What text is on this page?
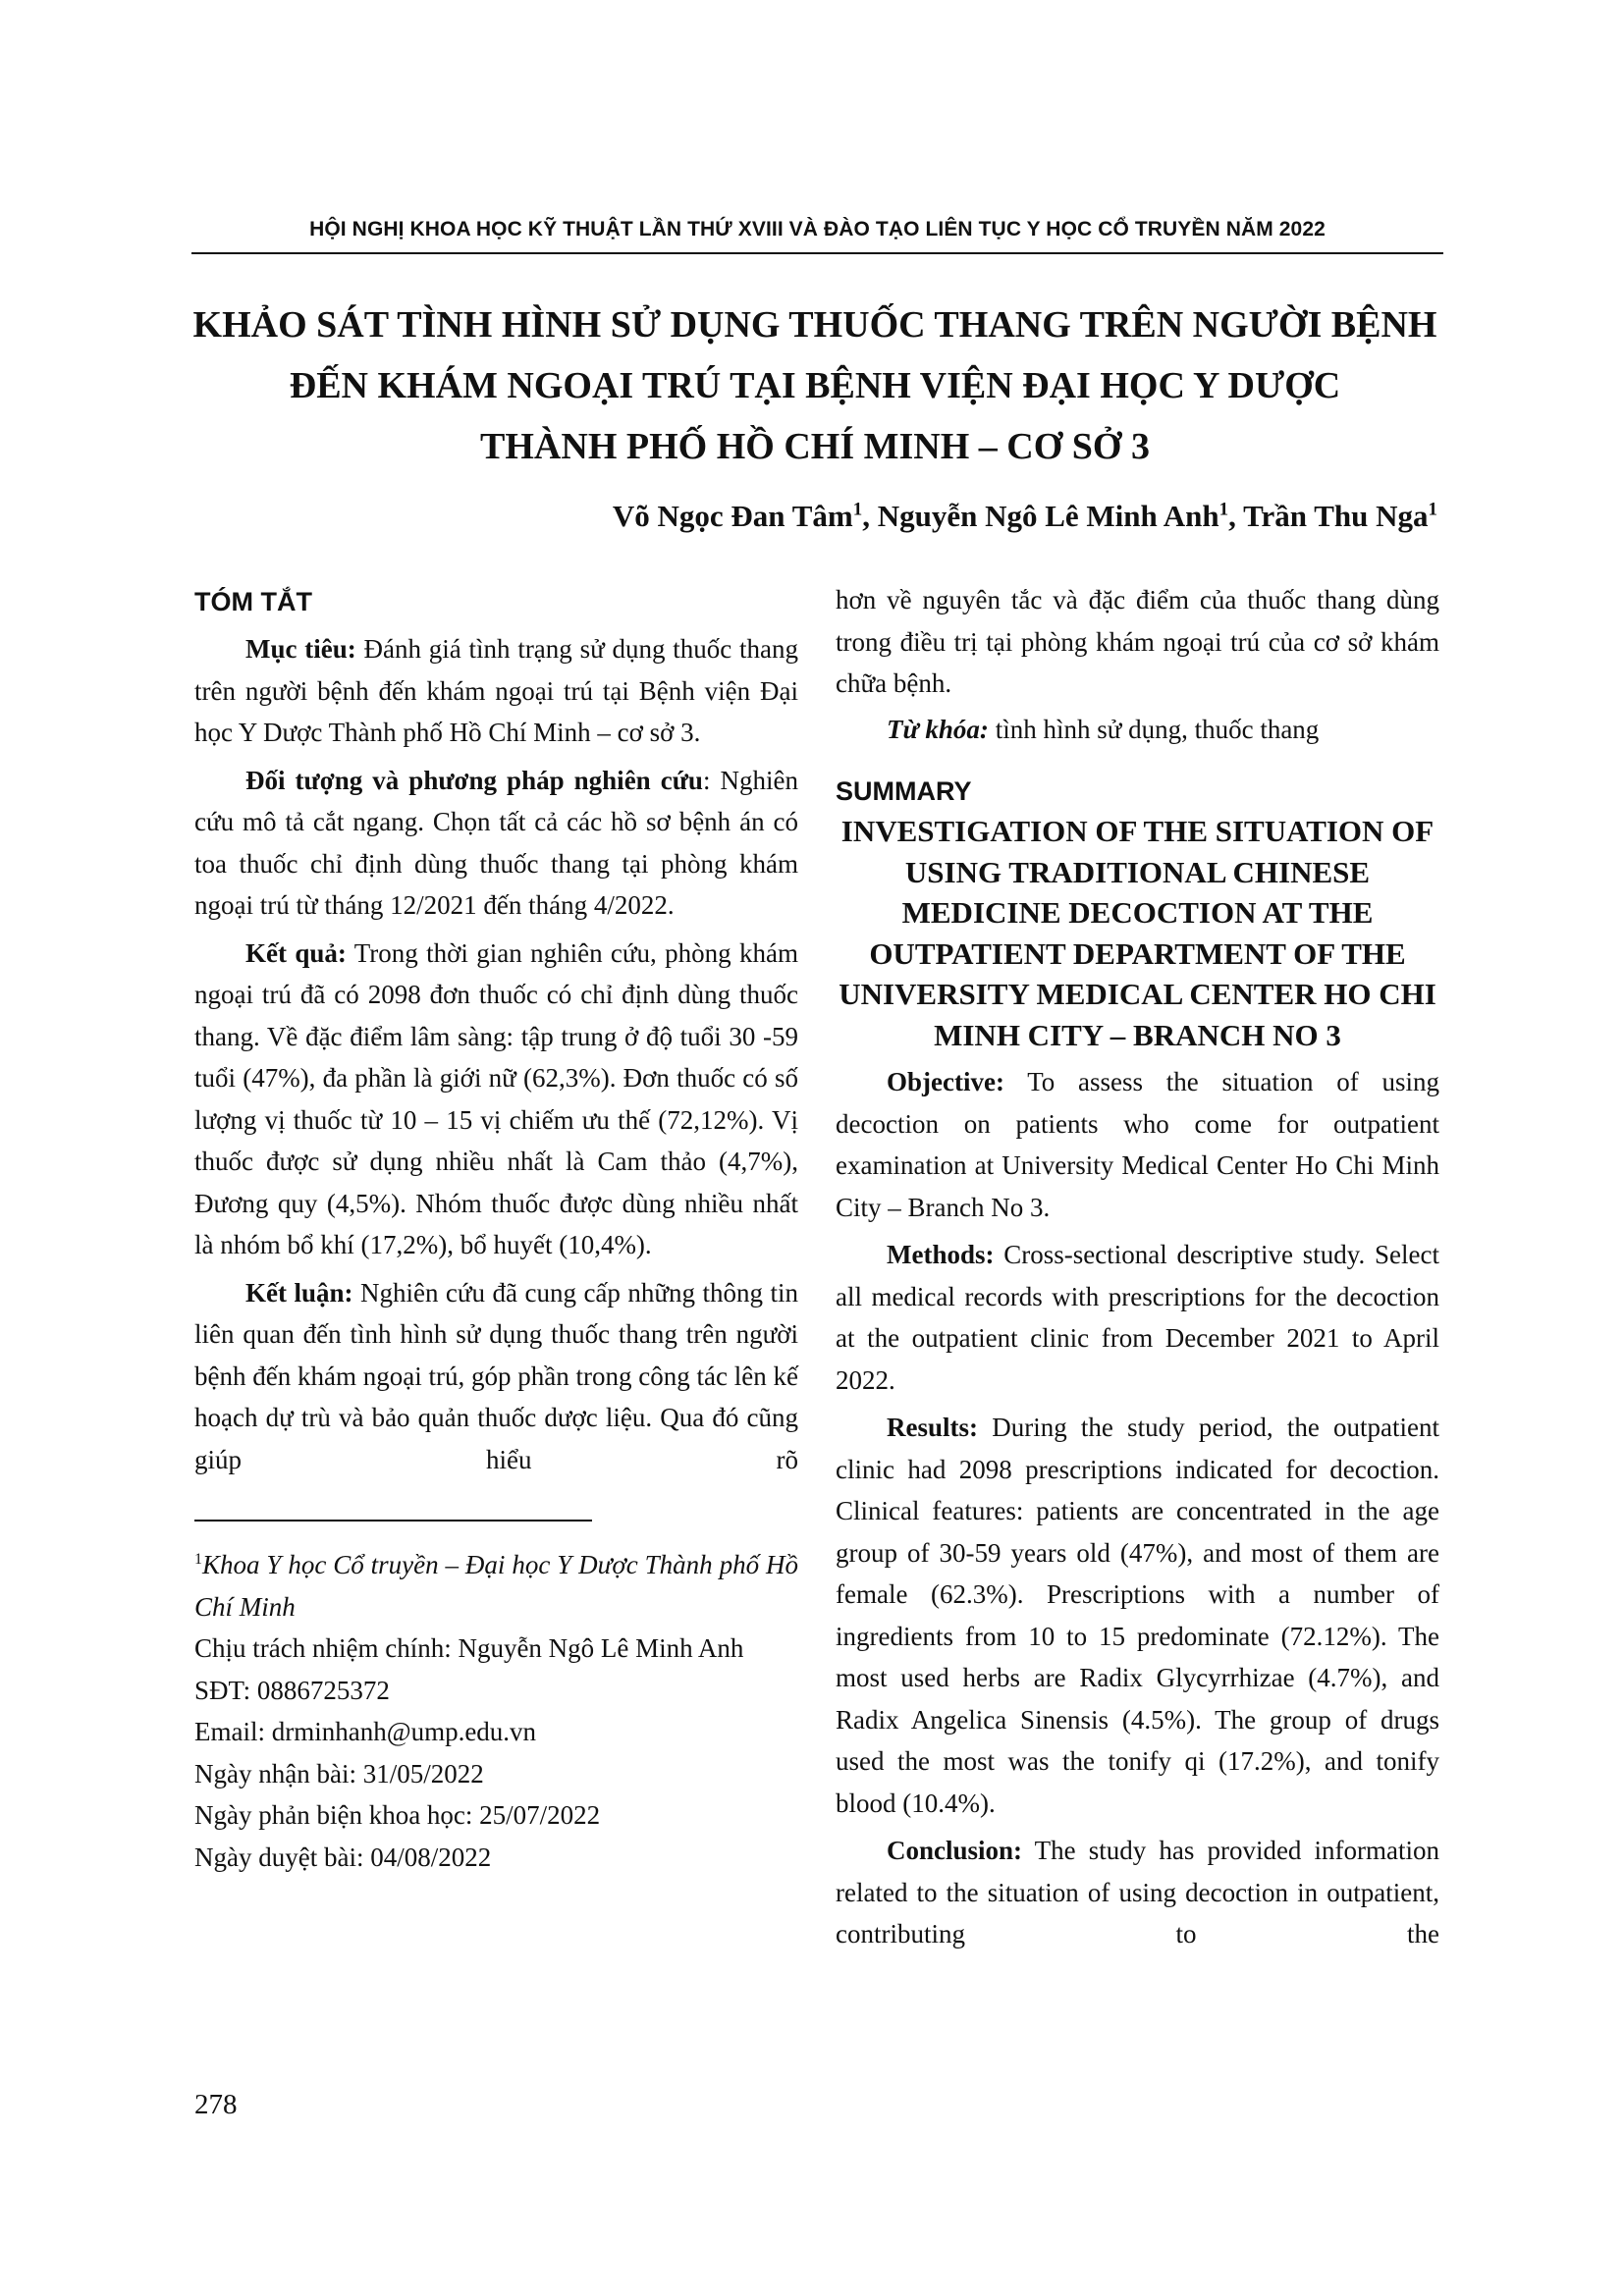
HỘI NGHỊ KHOA HỌC KỸ THUẬT LẦN THỨ XVIII VÀ ĐÀO TẠO LIÊN TỤC Y HỌC CỔ TRUYỀN NĂM 2022
KHẢO SÁT TÌNH HÌNH SỬ DỤNG THUỐC THANG TRÊN NGƯỜI BỆNH
ĐẾN KHÁM NGOẠI TRÚ TẠI BỆNH VIỆN ĐẠI HỌC Y DƯỢC
THÀNH PHỐ HỒ CHÍ MINH – CƠ SỞ 3
Võ Ngọc Đan Tâm$^1$, Nguyễn Ngô Lê Minh Anh$^1$, Trần Thu Nga$^1$
TÓM TẮT

Mục tiêu: Đánh giá tình trạng sử dụng thuốc thang trên người bệnh đến khám ngoại trú tại Bệnh viện Đại học Y Dược Thành phố Hồ Chí Minh – cơ sở 3.

Đối tượng và phương pháp nghiên cứu: Nghiên cứu mô tả cắt ngang. Chọn tất cả các hồ sơ bệnh án có toa thuốc chỉ định dùng thuốc thang tại phòng khám ngoại trú từ tháng 12/2021 đến tháng 4/2022.

Kết quả: Trong thời gian nghiên cứu, phòng khám ngoại trú đã có 2098 đơn thuốc có chỉ định dùng thuốc thang. Về đặc điểm lâm sàng: tập trung ở độ tuổi 30 -59 tuổi (47%), đa phần là giới nữ (62,3%). Đơn thuốc có số lượng vị thuốc từ 10 – 15 vị chiếm ưu thế (72,12%). Vị thuốc được sử dụng nhiều nhất là Cam thảo (4,7%), Đương quy (4,5%). Nhóm thuốc được dùng nhiều nhất là nhóm bổ khí (17,2%), bổ huyết (10,4%).

Kết luận: Nghiên cứu đã cung cấp những thông tin liên quan đến tình hình sử dụng thuốc thang trên người bệnh đến khám ngoại trú, góp phần trong công tác lên kế hoạch dự trù và bảo quản thuốc dược liệu. Qua đó cũng giúp hiểu rõ

$^1$Khoa Y học Cổ truyền – Đại học Y Dược Thành phố Hồ Chí Minh

Chịu trách nhiệm chính: Nguyễn Ngô Lê Minh Anh

SĐT: 0886725372

Email: drminhanh@ump.edu.vn

Ngày nhận bài: 31/05/2022

Ngày phản biện khoa học: 25/07/2022

Ngày duyệt bài: 04/08/2022

hơn về nguyên tắc và đặc điểm của thuốc thang dùng trong điều trị tại phòng khám ngoại trú của cơ sở khám chữa bệnh.

Từ khóa: tình hình sử dụng, thuốc thang

SUMMARY
INVESTIGATION OF THE SITUATION OF USING TRADITIONAL CHINESE MEDICINE DECOCTION AT THE OUTPATIENT DEPARTMENT OF THE UNIVERSITY MEDICAL CENTER HO CHI MINH CITY – BRANCH NO 3

Objective: To assess the situation of using decoction on patients who come for outpatient examination at University Medical Center Ho Chi Minh City – Branch No 3.

Methods: Cross-sectional descriptive study. Select all medical records with prescriptions for the decoction at the outpatient clinic from December 2021 to April 2022.

Results: During the study period, the outpatient clinic had 2098 prescriptions indicated for decoction. Clinical features: patients are concentrated in the age group of 30-59 years old (47%), and most of them are female (62.3%). Prescriptions with a number of ingredients from 10 to 15 predominate (72.12%). The most used herbs are Radix Glycyrrhizae (4.7%), and Radix Angelica Sinensis (4.5%). The group of drugs used the most was the tonify qi (17.2%), and tonify blood (10.4%).

Conclusion: The study has provided information related to the situation of using decoction in outpatient, contributing to the

278
